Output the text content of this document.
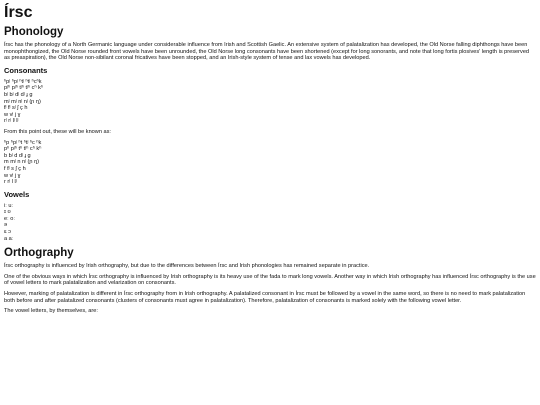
Írsc
Phonology

Írsc has the phonology of a North Germanic language under considerable influence from Irish and Scottish Gaelic. An extensive system of palatalization has developed, the Old Norse falling diphthongs have been monophthongized, the Old Norse rounded front vowels have been unrounded, the Old Norse long consonants have been shortened (except for long sonorants, and note that long fortis plosives' length is preserved as preaspiration), the Old Norse non-sibilant coronal fricatives have been stopped, and an Irish-style system of tense and lax vowels has developed.

Consonants
ʰpʲ ʰpʲ ʰtʲ ʰtʲ ʰcʰk
pʲʰ pʲʰ tʲʰ tʲʰ cʰ kʰ
bʲ bʲ dʲ dʲ ɟ g
mʲ mʲ nʲ nʲ (ɲ ŋ)
fʲ fʲ sʲ ʃ ç h
w vʲ j ɣ
rʲ rʲ lʲ lʲ

From this point out, these will be known as:

ʰp ʰpʲ ʰt ʰtʲ ʰc ʰk
pʰ pʲʰ tʰ tʲʰ cʰ kʰ
b bʲ d dʲ ɟ g
m mʲ n nʲ (ɲ ŋ)
f fʲ s ʃ ç h
w vʲ j ɣ
r rʲ l lʲ
Vowels
iː uː
ɪ ʊ
eː oː
ə
ɛ ɔ
a aː
Orthography

Írsc orthography is influenced by Irish orthography, but due to the differences between Írsc and Irish phonologies has remained separate in practice.

One of the obvious ways in which Írsc orthography is influenced by Irish orthography is its heavy use of the fada to mark long vowels. Another way in which Irish orthography has influenced Írsc orthography is the use of vowel letters to mark palatalization and velarization on consonants.

However, marking of palatalization is different in Írsc orthography from in Irish orthography. A palatalized consonant in Írsc must be followed by a vowel in the same word, so there is no need to mark palatalization both before and after palatalized consonants (clusters of consonants must agree in palatalization). Therefore, palatalization of consonants is marked solely with the following vowel letter.

The vowel letters, by themselves, are:
